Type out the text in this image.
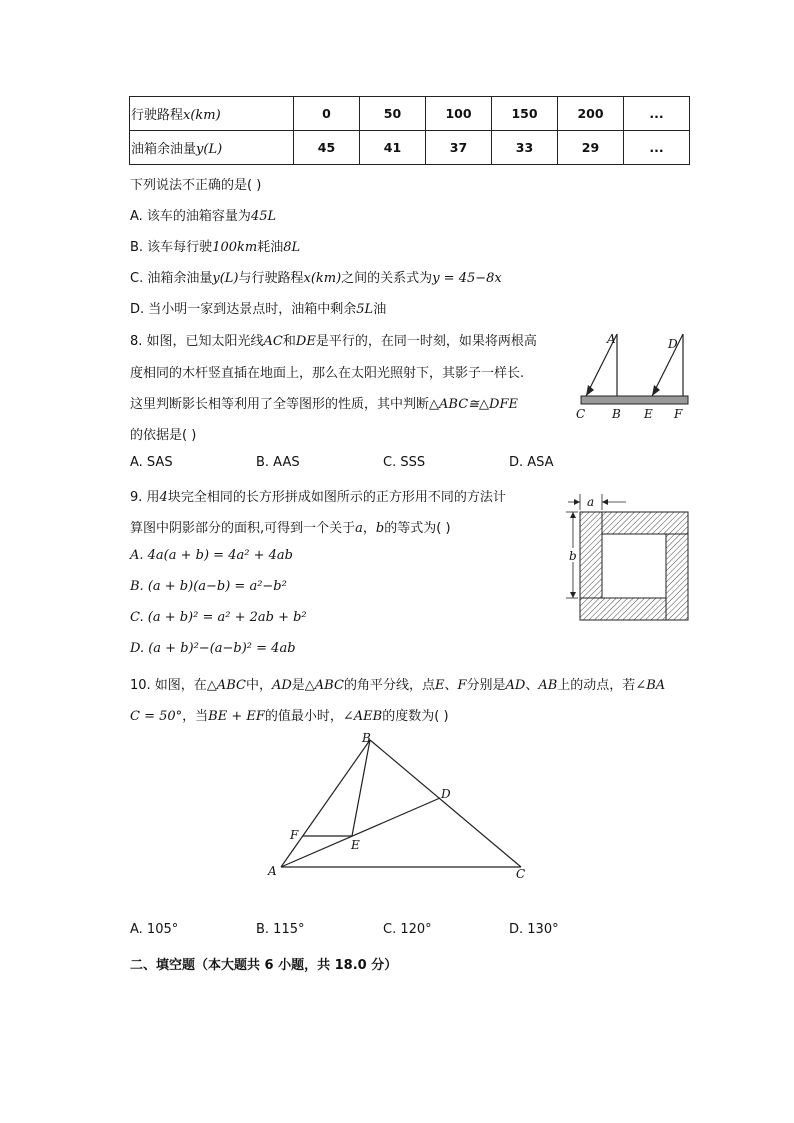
行驶路程x(km)	0	50	100	150	200	...
油箱余油量y(L)	45	41	37	33	29	...
下列说法不正确的是( )
A. 该车的油箱容量为45L
B. 该车每行驶100km耗油8L
C. 油箱余油量y(L)与行驶路程x(km)之间的关系式为y = 45−8x
D. 当小明一家到达景点时，油箱中剩余5L油
8. 如图，已知太阳光线AC和DE是平行的，在同一时刻，如果将两根高
度相同的木杆竖直插在地面上，那么在太阳光照射下，其影子一样长.
这里判断影长相等利用了全等图形的性质，其中判断△ABC≅△DFE
的依据是( )
A. SAS	B. AAS	C. SSS	D. ASA
A	D
C B E F
9. 用4块完全相同的长方形拼成如图所示的正方形用不同的方法计
算图中阴影部分的面积,可得到一个关于a，b的等式为( )
A. 4a(a + b) = 4a² + 4ab
B. (a + b)(a−b) = a²−b²
C. (a + b)² = a² + 2ab + b²
D. (a + b)²−(a−b)² = 4ab
a
b
10. 如图，在△ABC中，AD是△ABC的角平分线，点E、F分别是AD、AB上的动点，若∠BA
C = 50°，当BE + EF的值最小时，∠AEB的度数为( )
B
D
F
E
A	C
A. 105°	B. 115°	C. 120°	D. 130°
二、填空题（本大题共 6 小题，共 18.0 分）
